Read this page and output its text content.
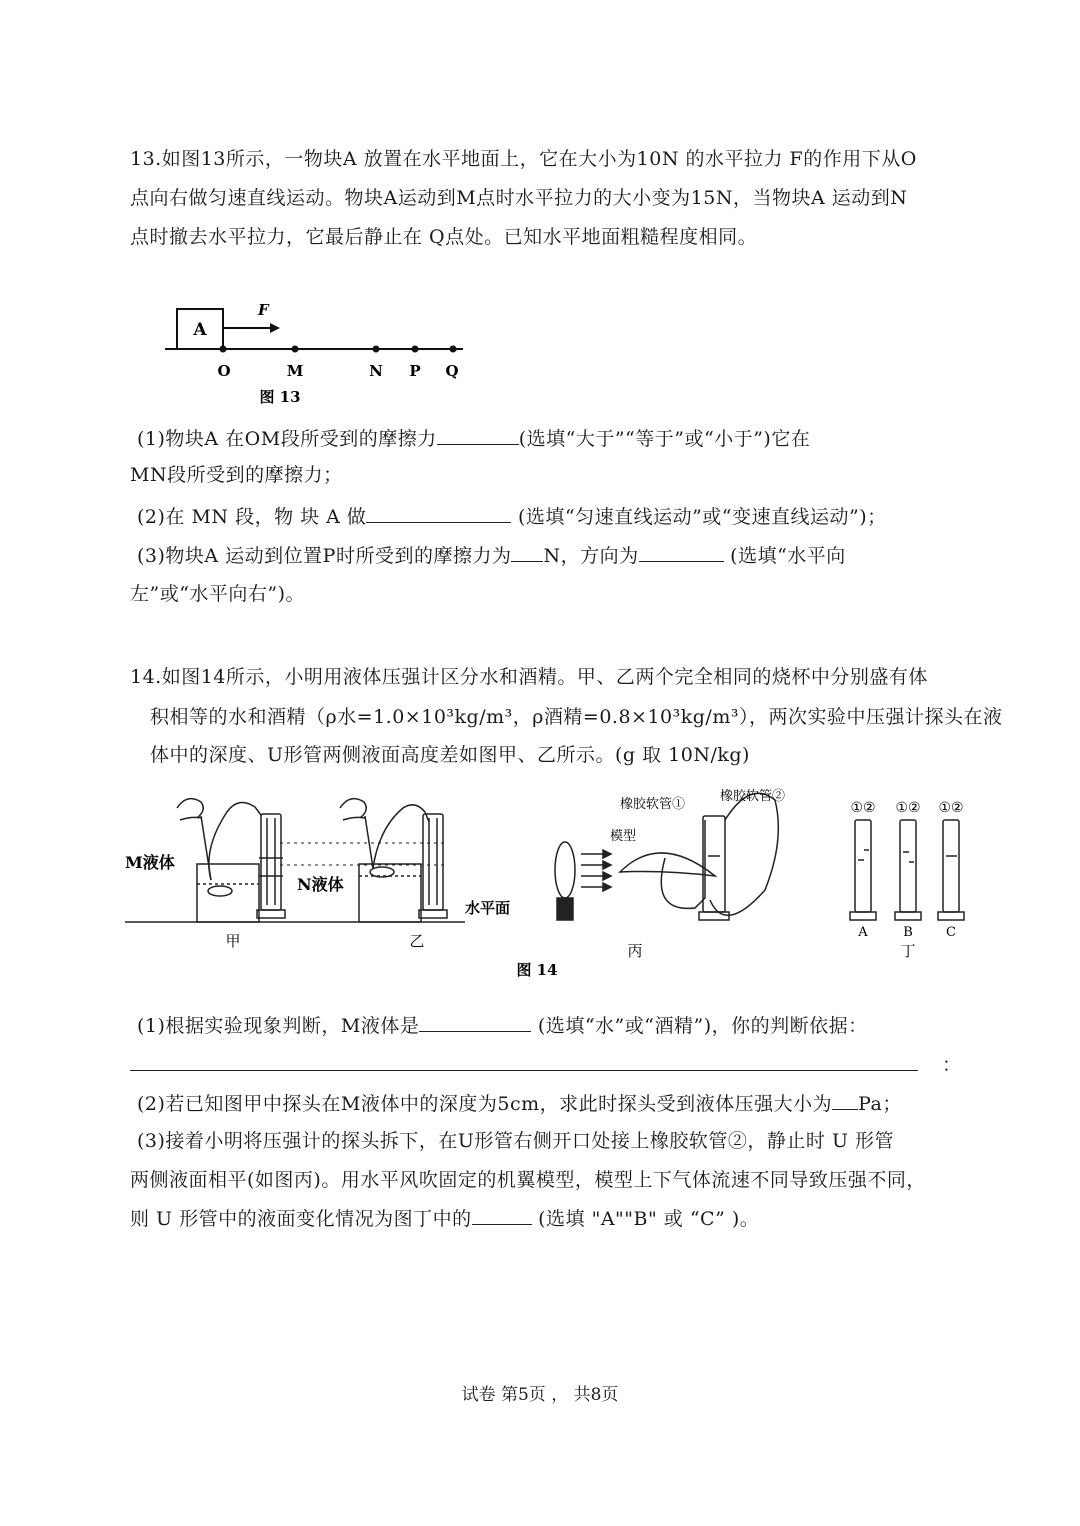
13.如图13所示，一物块A 放置在水平地面上，它在大小为10N 的水平拉力 F的作用下从O
点向右做匀速直线运动。物块A运动到M点时水平拉力的大小变为15N，当物块A 运动到N
点时撤去水平拉力，它最后静止在 Q点处。已知水平地面粗糙程度相同。
A
F
O	M	N P Q
图 13
(1)物块A 在OM段所受到的摩擦力	(选填“大于”“等于”或“小于”)它在
MN段所受到的摩擦力；
(2)在 MN 段，物 块 A 做	(选填“匀速直线运动”或“变速直线运动”)；
(3)物块A 运动到位置P时所受到的摩擦力为 N，方向为	(选填“水平向
左”或“水平向右”)。
14.如图14所示，小明用液体压强计区分水和酒精。甲、乙两个完全相同的烧杯中分别盛有体
积相等的水和酒精（ρ水=1.0×10³kg/m³，ρ酒精=0.8×10³kg/m³），两次实验中压强计探头在液
体中的深度、U形管两侧液面高度差如图甲、乙所示。(g 取 10N/kg)
M液体
N液体
水平面
甲	乙
橡胶软管①
橡胶软管②
模型
丙
①② ①② ①②
A	B	C
丁
图 14
(1)根据实验现象判断，M液体是	(选填“水”或“酒精”)，你的判断依据：
：
(2)若已知图甲中探头在M液体中的深度为5cm，求此时探头受到液体压强大小为 Pa；
(3)接着小明将压强计的探头拆下，在U形管右侧开口处接上橡胶软管②，静止时 U 形管
两侧液面相平(如图丙)。用水平风吹固定的机翼模型，模型上下气体流速不同导致压强不同，
则 U 形管中的液面变化情况为图丁中的	(选填 "A""B" 或 “C” )。
试卷 第5页 ， 共8页
